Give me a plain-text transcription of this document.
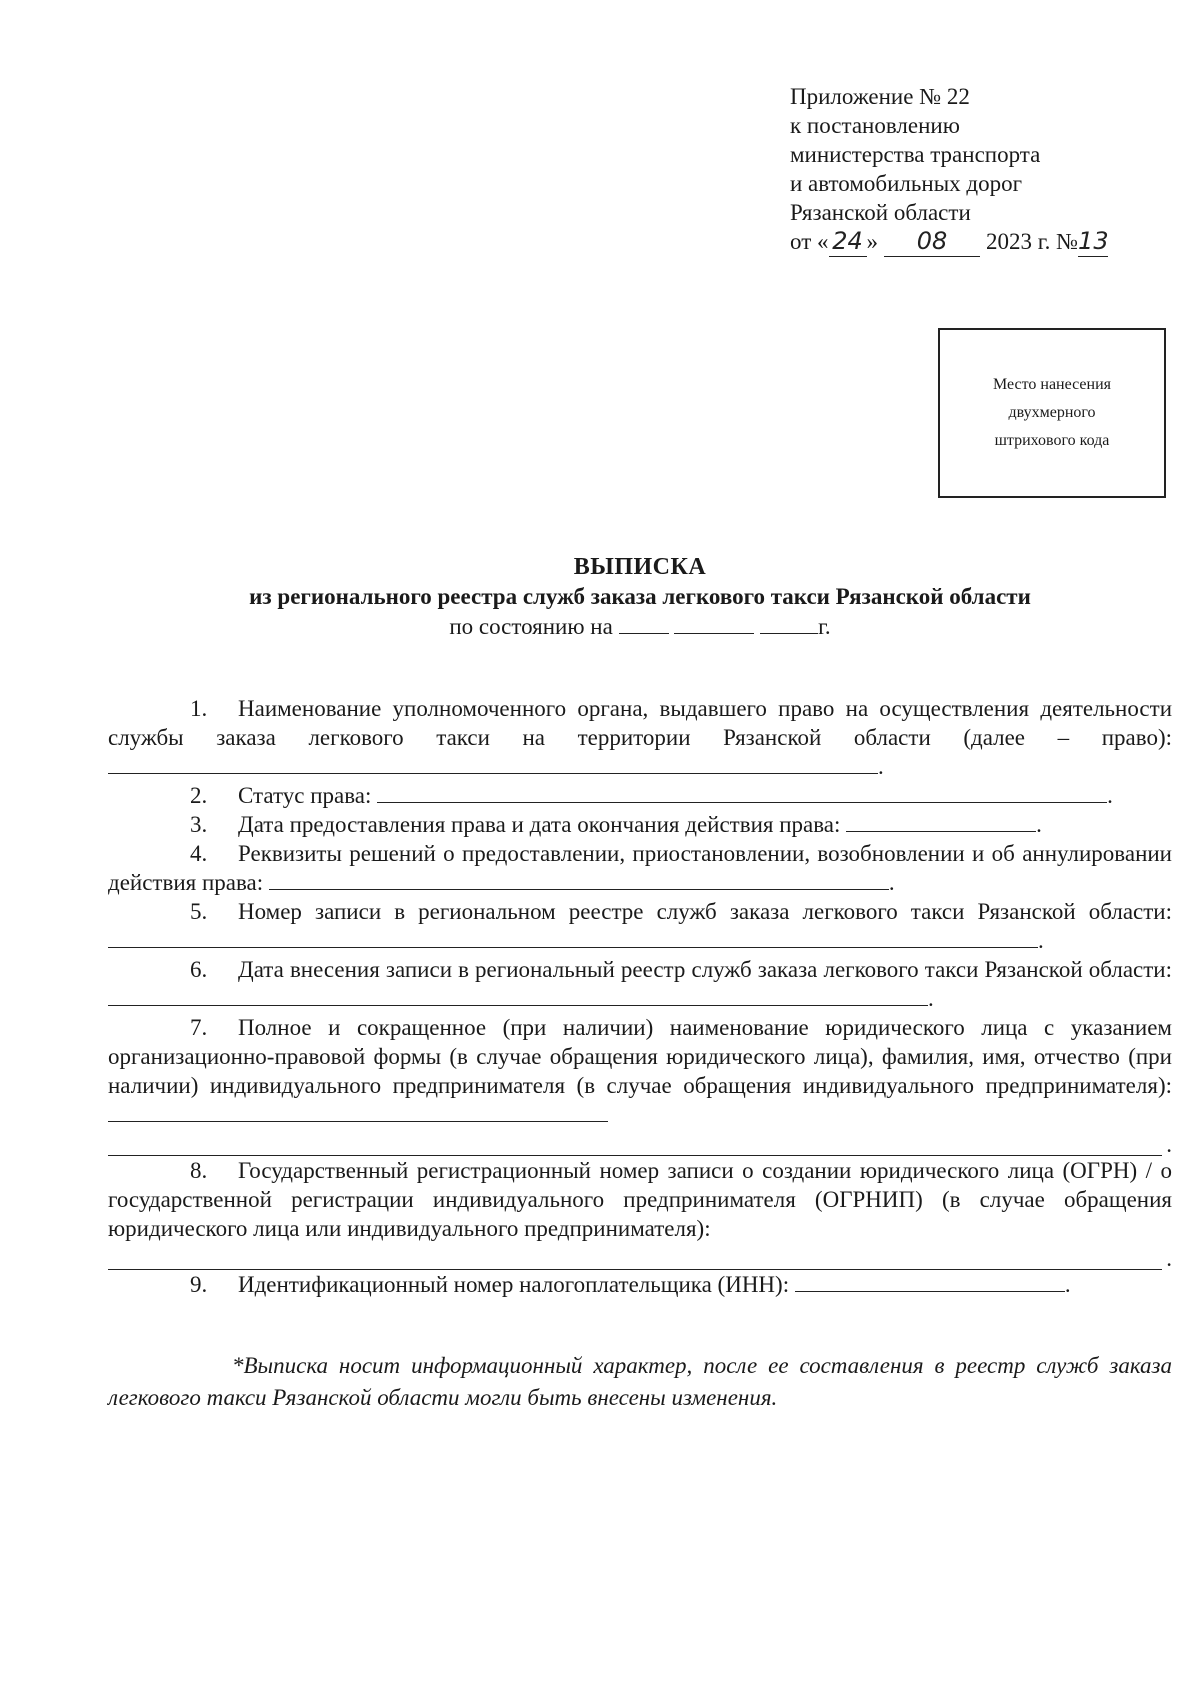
Приложение № 22
к постановлению
министерства транспорта
и автомобильных дорог
Рязанской области
от « 24 » 08 2023 г. №13
Место нанесения
двухмерного
штрихового кода
ВЫПИСКА
из регионального реестра служб заказа легкового такси Рязанской области
по состоянию на	г.

1. Наименование уполномоченного органа, выдавшего право на осуществления деятельности службы заказа легкового такси на территории Рязанской области (далее – право): .

2. Статус права:	.

3. Дата предоставления права и дата окончания действия права:	.

4. Реквизиты решений о предоставлении, приостановлении, возобновлении и об аннулировании действия права:	.

5. Номер записи в региональном реестре служб заказа легкового такси Рязанской области: .

6. Дата внесения записи в региональный реестр служб заказа легкового такси Рязанской области: .

7. Полное и сокращенное (при наличии) наименование юридического лица с указанием организационно-правовой формы (в случае обращения юридического лица), фамилия, имя, отчество (при наличии) индивидуального предпринимателя (в случае обращения индивидуального предпринимателя):

.

8. Государственный регистрационный номер записи о создании юридического лица (ОГРН) / о государственной регистрации индивидуального предпринимателя (ОГРНИП) (в случае обращения юридического лица или индивидуального предпринимателя):

.

9. Идентификационный номер налогоплательщика (ИНН):	.

*Выписка носит информационный характер, после ее составления в реестр служб заказа легкового такси Рязанской области могли быть внесены изменения.
